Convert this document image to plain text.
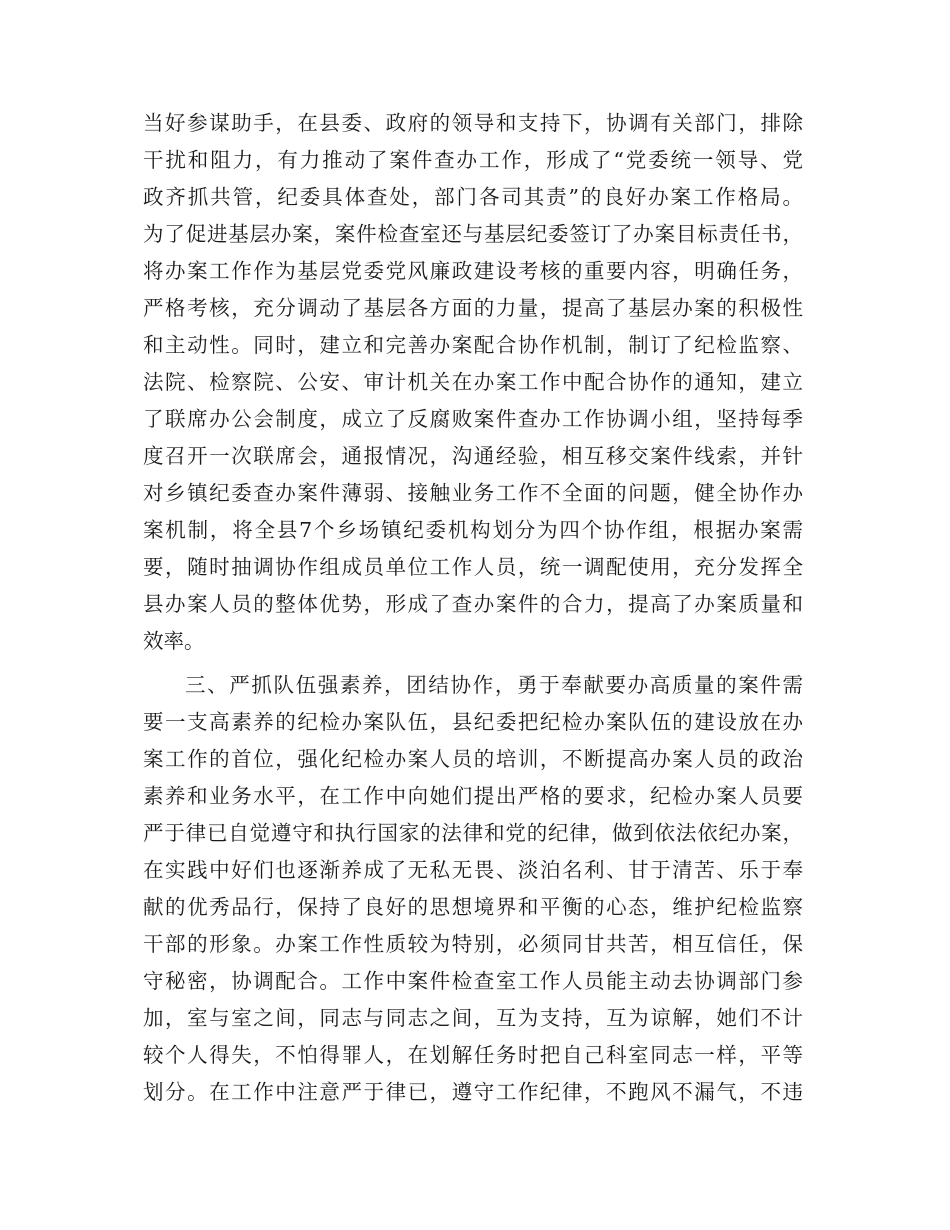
当好参谋助手，在县委、政府的领导和支持下，协调有关部门，排除
干扰和阻力，有力推动了案件查办工作，形成了“党委统一领导、党
政齐抓共管，纪委具体查处，部门各司其责”的良好办案工作格局。
为了促进基层办案，案件检查室还与基层纪委签订了办案目标责任书，
将办案工作作为基层党委党风廉政建设考核的重要内容，明确任务，
严格考核，充分调动了基层各方面的力量，提高了基层办案的积极性
和主动性。同时，建立和完善办案配合协作机制，制订了纪检监察、
法院、检察院、公安、审计机关在办案工作中配合协作的通知，建立
了联席办公会制度，成立了反腐败案件查办工作协调小组，坚持每季
度召开一次联席会，通报情况，沟通经验，相互移交案件线索，并针
对乡镇纪委查办案件薄弱、接触业务工作不全面的问题，健全协作办
案机制，将全县7个乡场镇纪委机构划分为四个协作组，根据办案需
要，随时抽调协作组成员单位工作人员，统一调配使用，充分发挥全
县办案人员的整体优势，形成了查办案件的合力，提高了办案质量和
效率。
三、严抓队伍强素养，团结协作，勇于奉献要办高质量的案件需
要一支高素养的纪检办案队伍，县纪委把纪检办案队伍的建设放在办
案工作的首位，强化纪检办案人员的培训，不断提高办案人员的政治
素养和业务水平，在工作中向她们提出严格的要求，纪检办案人员要
严于律已自觉遵守和执行国家的法律和党的纪律，做到依法依纪办案，
在实践中好们也逐渐养成了无私无畏、淡泊名利、甘于清苦、乐于奉
献的优秀品行，保持了良好的思想境界和平衡的心态，维护纪检监察
干部的形象。办案工作性质较为特别，必须同甘共苦，相互信任，保
守秘密，协调配合。工作中案件检查室工作人员能主动去协调部门参
加，室与室之间，同志与同志之间，互为支持，互为谅解，她们不计
较个人得失，不怕得罪人，在划解任务时把自己科室同志一样，平等
划分。在工作中注意严于律已，遵守工作纪律，不跑风不漏气，不违
